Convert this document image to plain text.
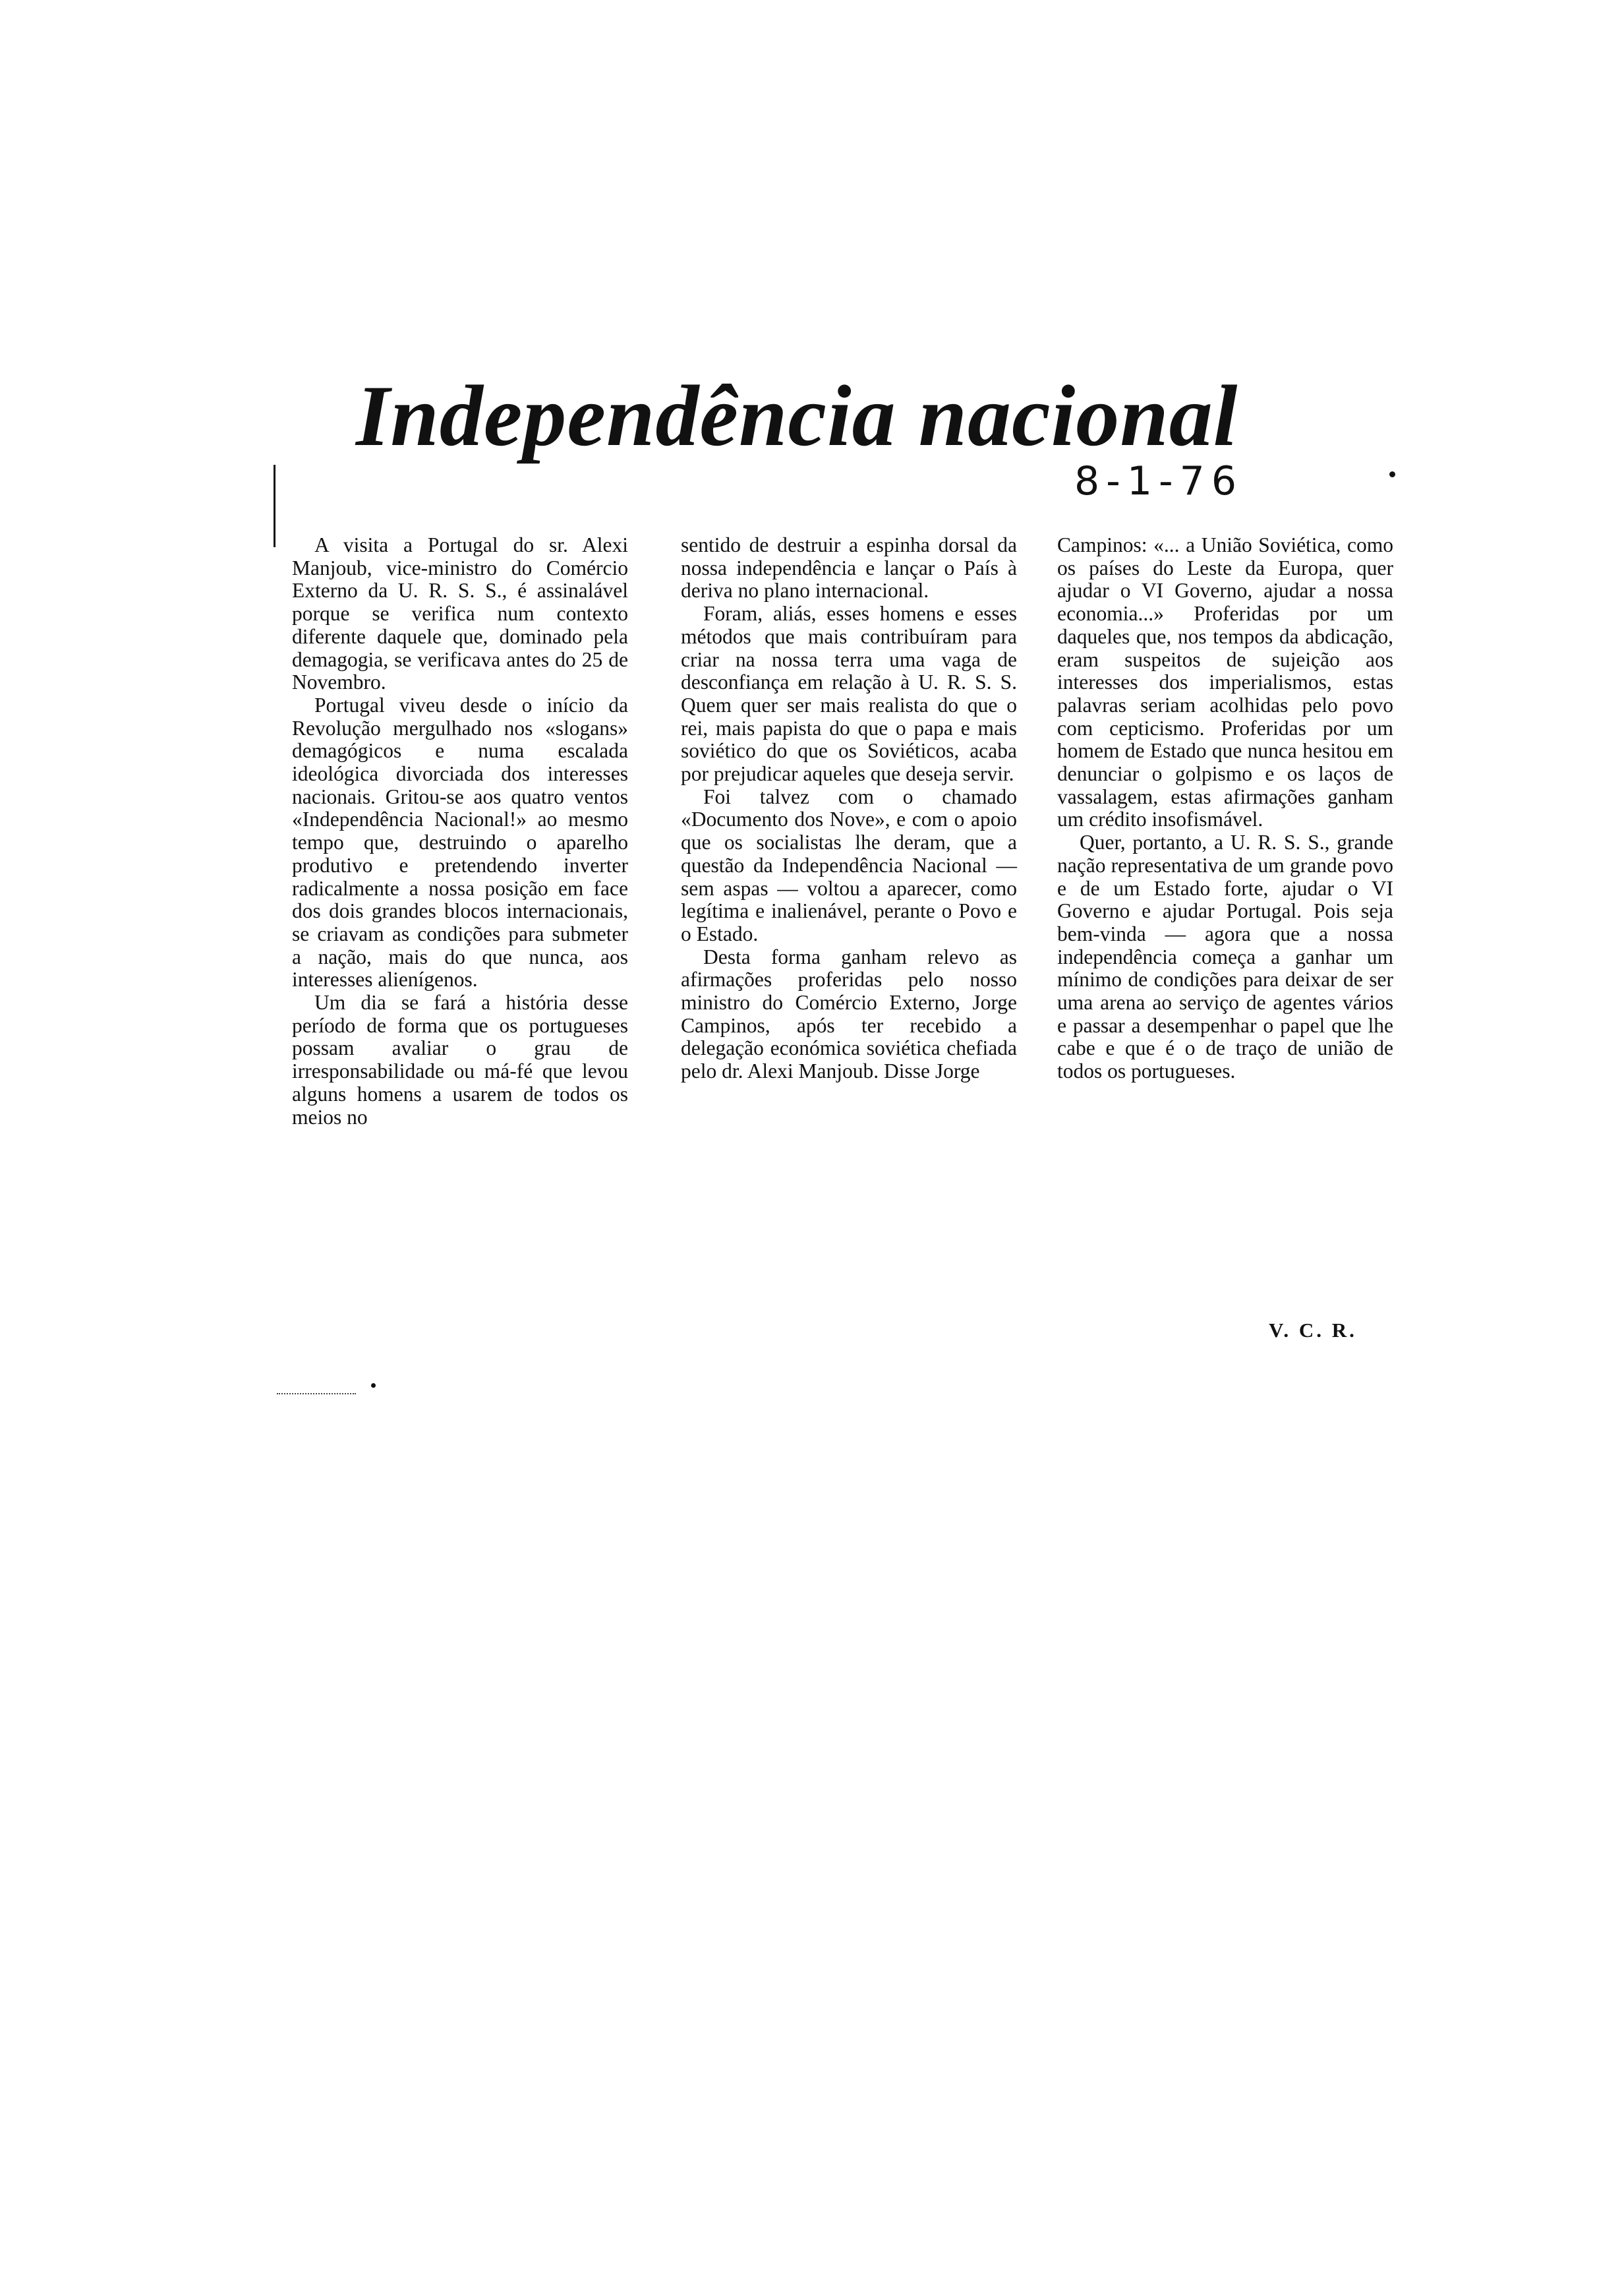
Independência nacional
8-1-76

A visita a Portugal do sr. Alexi Manjoub, vice-ministro do Comércio Externo da U. R. S. S., é assinalável porque se verifica num contexto diferente daquele que, dominado pela demagogia, se verificava antes do 25 de Novembro.

Portugal viveu desde o início da Revolução mergulhado nos «slogans» demagógicos e numa escalada ideológica divorciada dos interesses nacionais. Gritou-se aos quatro ventos «Independência Nacional!» ao mesmo tempo que, destruindo o aparelho produtivo e pretendendo inverter radicalmente a nossa posição em face dos dois grandes blocos internacionais, se criavam as condições para submeter a nação, mais do que nunca, aos interesses alienígenos.

Um dia se fará a história desse período de forma que os portugueses possam avaliar o grau de irresponsabilidade ou má-fé que levou alguns homens a usarem de todos os meios no

sentido de destruir a espinha dorsal da nossa independência e lançar o País à deriva no plano internacional.

Foram, aliás, esses homens e esses métodos que mais contribuíram para criar na nossa terra uma vaga de desconfiança em relação à U. R. S. S. Quem quer ser mais realista do que o rei, mais papista do que o papa e mais soviético do que os Soviéticos, acaba por prejudicar aqueles que deseja servir.

Foi talvez com o chamado «Documento dos Nove», e com o apoio que os socialistas lhe deram, que a questão da Independência Nacional — sem aspas — voltou a aparecer, como legítima e inalienável, perante o Povo e o Estado.

Desta forma ganham relevo as afirmações proferidas pelo nosso ministro do Comércio Externo, Jorge Campinos, após ter recebido a delegação económica soviética chefiada pelo dr. Alexi Manjoub. Disse Jorge

Campinos: «... a União Soviética, como os países do Leste da Europa, quer ajudar o VI Governo, ajudar a nossa economia...» Proferidas por um daqueles que, nos tempos da abdicação, eram suspeitos de sujeição aos interesses dos imperialismos, estas palavras seriam acolhidas pelo povo com cepticismo. Proferidas por um homem de Estado que nunca hesitou em denunciar o golpismo e os laços de vassalagem, estas afirmações ganham um crédito insofismável.

Quer, portanto, a U. R. S. S., grande nação representativa de um grande povo e de um Estado forte, ajudar o VI Governo e ajudar Portugal. Pois seja bem-vinda — agora que a nossa independência começa a ganhar um mínimo de condições para deixar de ser uma arena ao serviço de agentes vários e passar a desempenhar o papel que lhe cabe e que é o de traço de união de todos os portugueses.

V. C. R.
